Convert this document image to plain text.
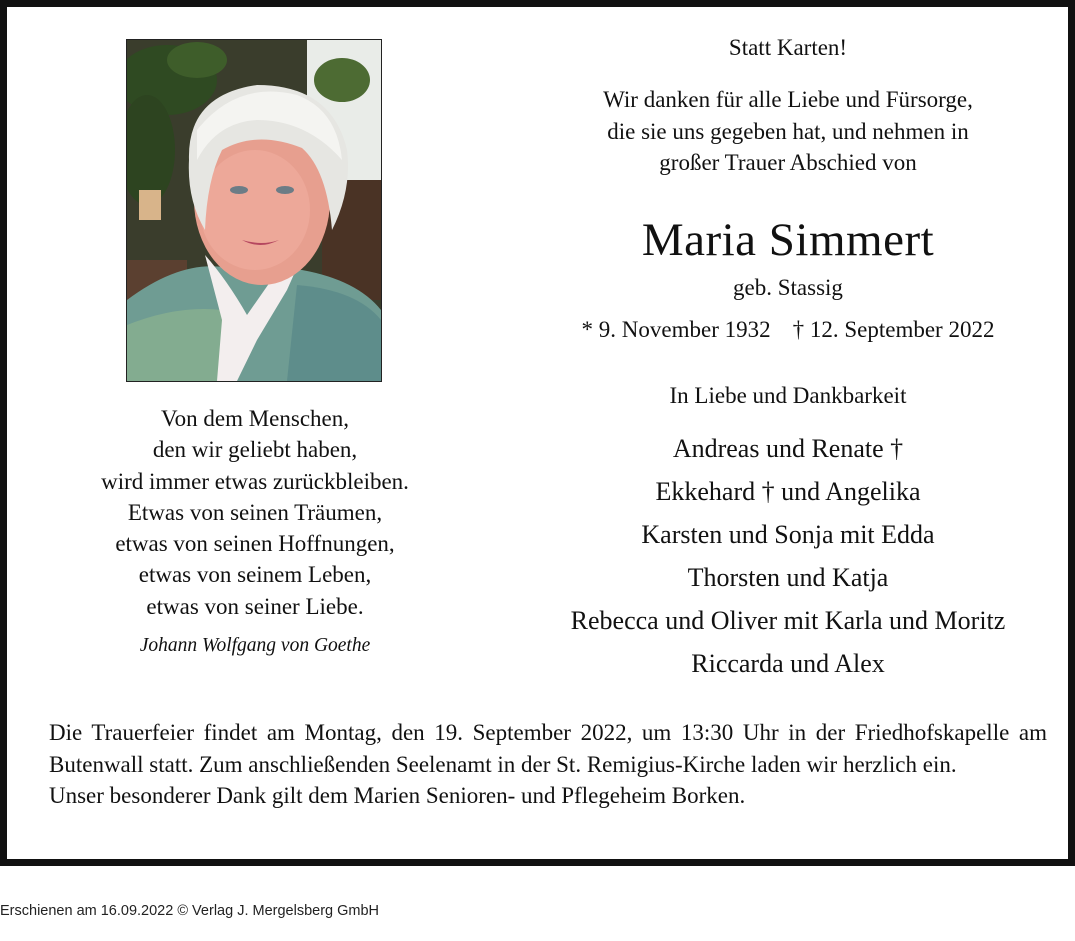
Von dem Menschen,
den wir geliebt haben,
wird immer etwas zurückbleiben.
Etwas von seinen Träumen,
etwas von seinen Hoffnungen,
etwas von seinem Leben,
etwas von seiner Liebe.
Johann Wolfgang von Goethe
Statt Karten!
Wir danken für alle Liebe und Fürsorge,
die sie uns gegeben hat, und nehmen in
großer Trauer Abschied von
Maria Simmert
geb. Stassig
* 9. November 1932 † 12. September 2022
In Liebe und Dankbarkeit
Andreas und Renate †
Ekkehard † und Angelika
Karsten und Sonja mit Edda
Thorsten und Katja
Rebecca und Oliver mit Karla und Moritz
Riccarda und Alex

Die Trauerfeier findet am Montag, den 19. September 2022, um 13:30 Uhr in der Friedhofskapelle am Butenwall statt. Zum anschließenden Seelenamt in der St. Remigius-Kirche laden wir herzlich ein.

Unser besonderer Dank gilt dem Marien Senioren- und Pflegeheim Borken.

Erschienen am 16.09.2022 © Verlag J. Mergelsberg GmbH
